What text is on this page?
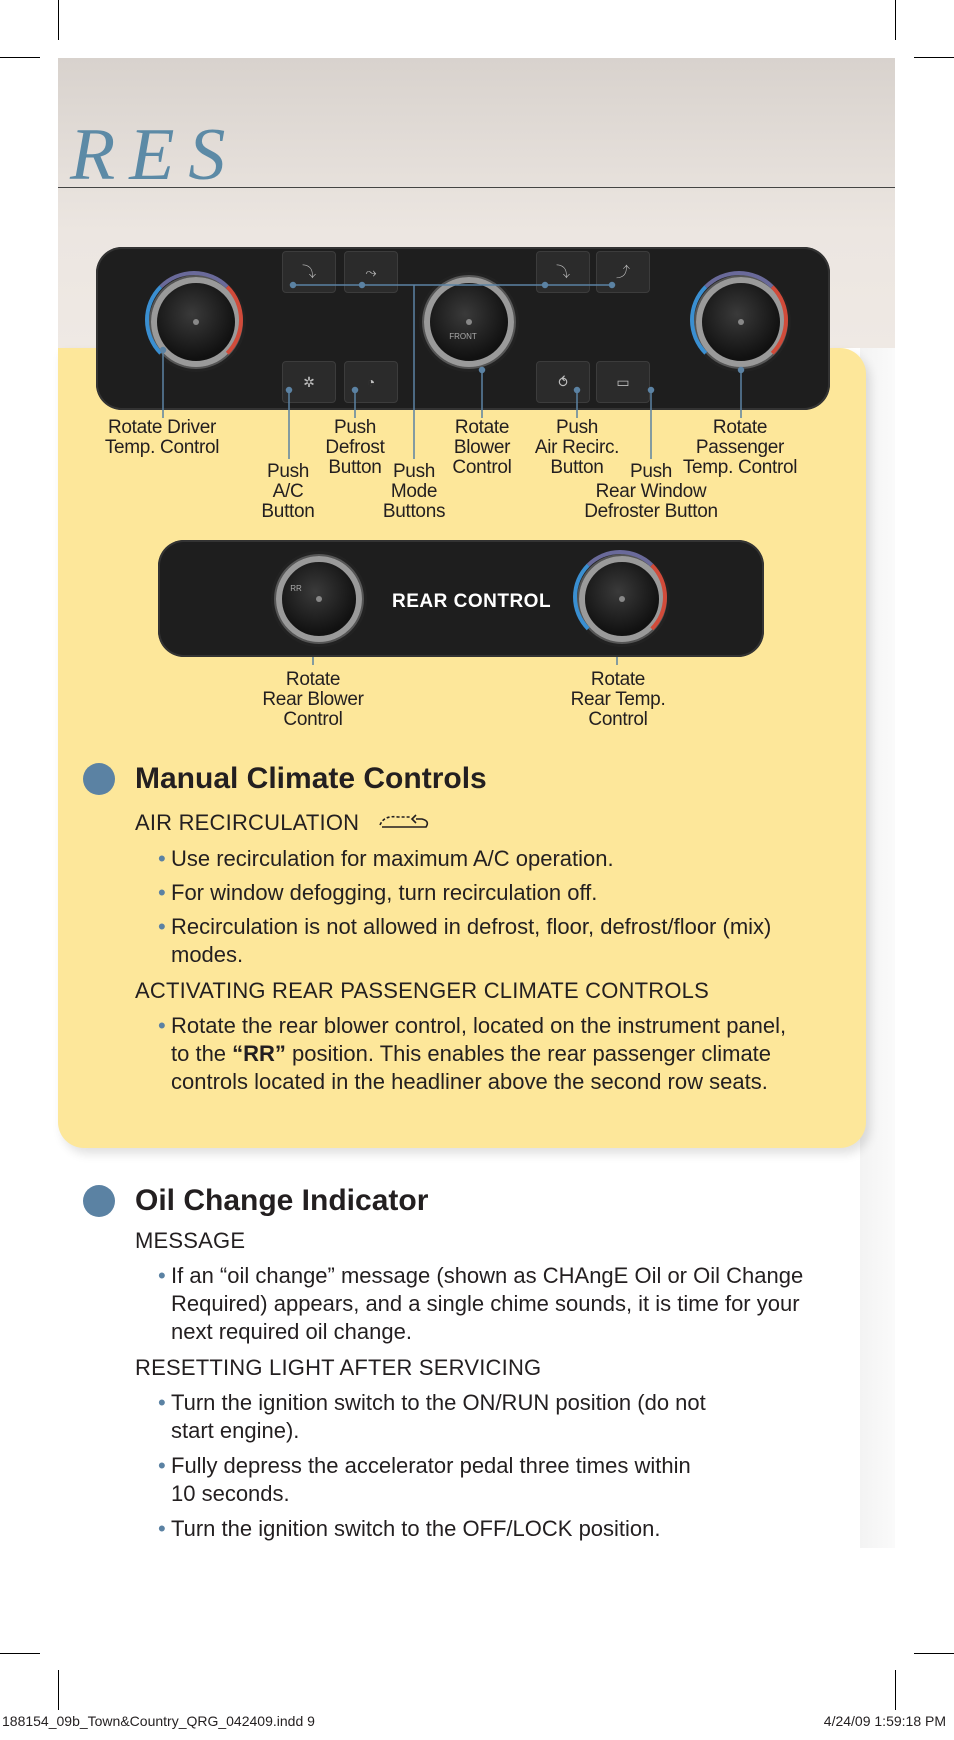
RES
⤵	⤳	⤵	⤴
✲	◔	⥀	▭
FRONT
Rotate Driver
Temp. Control
Push
A/C
Button
Push
Defrost
Button Push
Mode
Buttons
Rotate
Blower
Control
Push
Air Recirc.
Button	Push
Rear Window
Defroster Button
Rotate
Passenger
Temp. Control
RR
REAR CONTROL
Rotate
Rear Blower
Control
Rotate
Rear Temp.
Control
Manual Climate Controls
AIR RECIRCULATION
• Use recirculation for maximum A/C operation.
• For window defogging, turn recirculation off.
• Recirculation is not allowed in defrost, floor, defrost/floor (mix) modes.
ACTIVATING REAR PASSENGER CLIMATE CONTROLS
• Rotate the rear blower control, located on the instrument panel, to the “RR” position. This enables the rear passenger climate controls located in the headliner above the second row seats.
Oil Change Indicator
MESSAGE
• If an “oil change” message (shown as CHAngE Oil or Oil Change Required) appears, and a single chime sounds, it is time for your next required oil change.
RESETTING LIGHT AFTER SERVICING
• Turn the ignition switch to the ON/RUN position (do not start engine).
• Fully depress the accelerator pedal three times within 10 seconds.
• Turn the ignition switch to the OFF/LOCK position.
188154_09b_Town&Country_QRG_042409.indd 9	4/24/09 1:59:18 PM
